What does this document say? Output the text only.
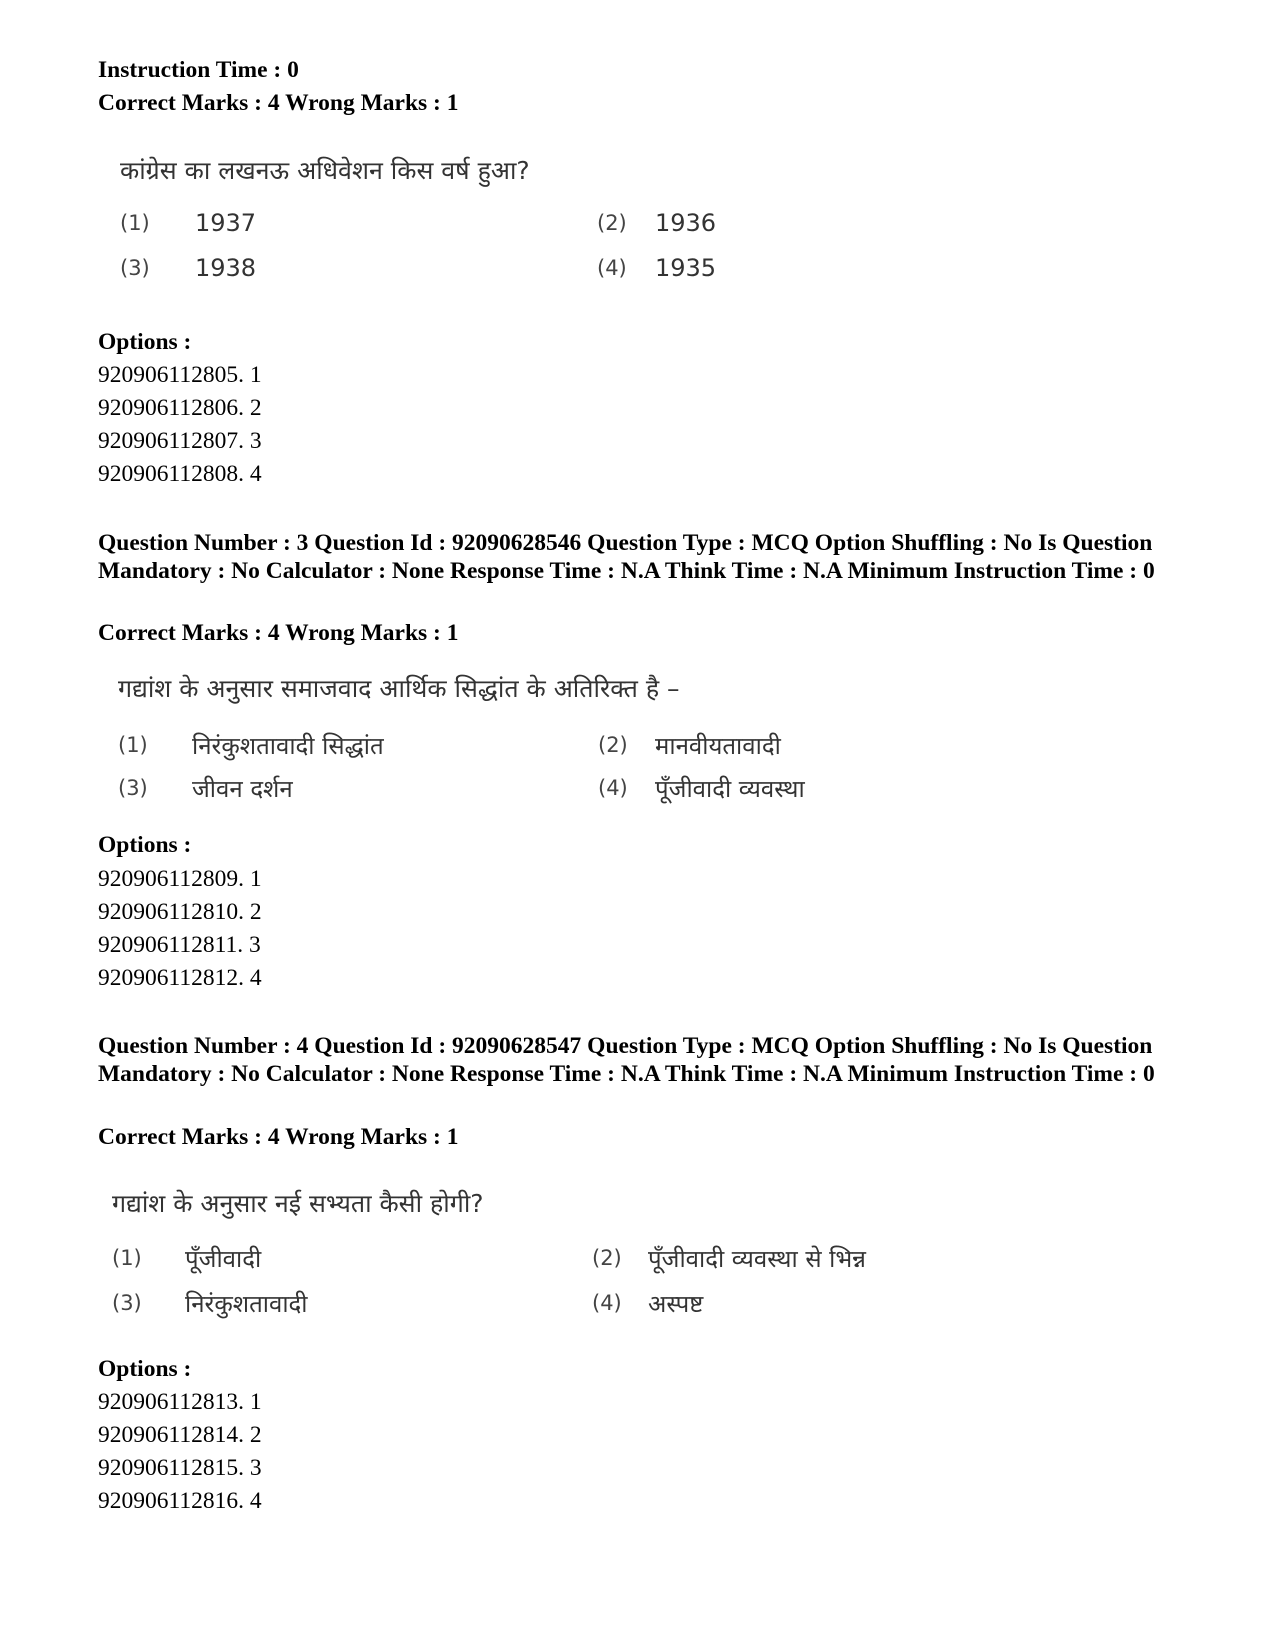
Instruction Time : 0
Correct Marks : 4 Wrong Marks : 1
कांग्रेस का लखनऊ अधिवेशन किस वर्ष हुआ?
(1) 1937	(2) 1936
(3) 1938	(4) 1935
Options :
920906112805. 1
920906112806. 2
920906112807. 3
920906112808. 4
Question Number : 3 Question Id : 92090628546 Question Type : MCQ Option Shuffling : No Is Question Mandatory : No Calculator : None Response Time : N.A Think Time : N.A Minimum Instruction Time : 0
Correct Marks : 4 Wrong Marks : 1
गद्यांश के अनुसार समाजवाद आर्थिक सिद्धांत के अतिरिक्त है –
(1) निरंकुशतावादी सिद्धांत	(2) मानवीयतावादी
(3) जीवन दर्शन	(4) पूँजीवादी व्यवस्था
Options :
920906112809. 1
920906112810. 2
920906112811. 3
920906112812. 4
Question Number : 4 Question Id : 92090628547 Question Type : MCQ Option Shuffling : No Is Question Mandatory : No Calculator : None Response Time : N.A Think Time : N.A Minimum Instruction Time : 0
Correct Marks : 4 Wrong Marks : 1
गद्यांश के अनुसार नई सभ्यता कैसी होगी?
(1) पूँजीवादी	(2) पूँजीवादी व्यवस्था से भिन्न
(3) निरंकुशतावादी	(4) अस्पष्ट
Options :
920906112813. 1
920906112814. 2
920906112815. 3
920906112816. 4
